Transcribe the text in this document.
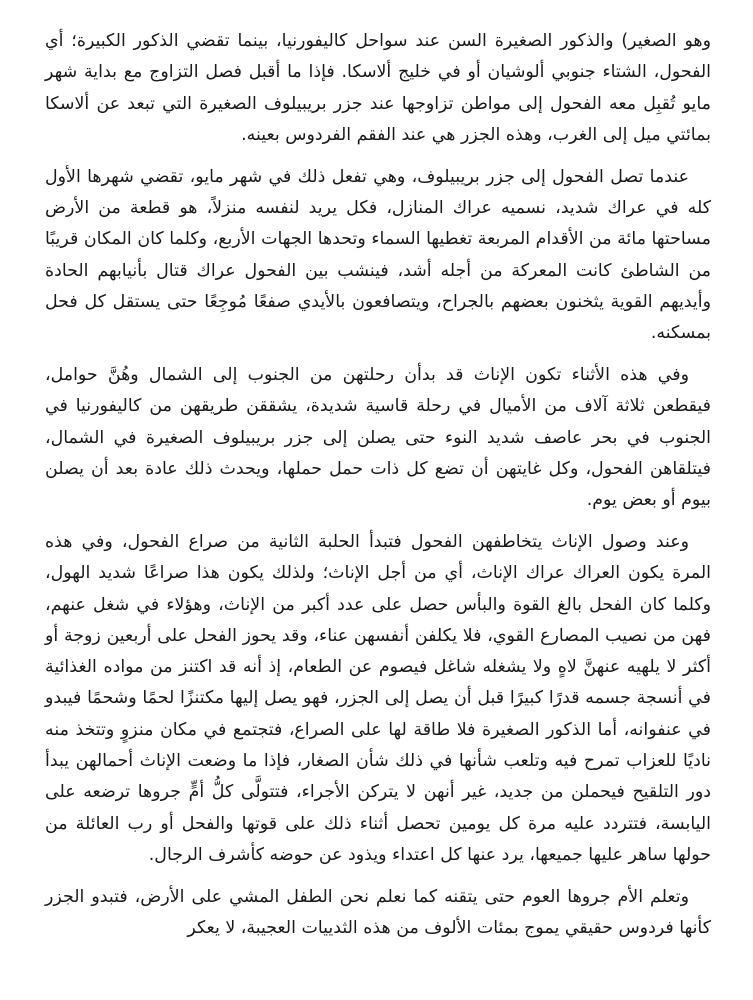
وهو الصغير) والذكور الصغيرة السن عند سواحل كاليفورنيا، بينما تقضي الذكور الكبيرة؛ أي الفحول، الشتاء جنوبي ألوشيان أو في خليج ألاسكا. فإذا ما أقبل فصل التزاوج مع بداية شهر مايو تُقبِل معه الفحول إلى مواطن تزاوجها عند جزر بريبيلوف الصغيرة التي تبعد عن ألاسكا بمائتي ميل إلى الغرب، وهذه الجزر هي عند الفقم الفردوس بعينه.

عندما تصل الفحول إلى جزر بريبيلوف، وهي تفعل ذلك في شهر مايو، تقضي شهرها الأول كله في عراك شديد، نسميه عراك المنازل، فكل يريد لنفسه منزلاً، هو قطعة من الأرض مساحتها مائة من الأقدام المربعة تغطيها السماء وتحدها الجهات الأربع، وكلما كان المكان قريبًا من الشاطئ كانت المعركة من أجله أشد، فينشب بين الفحول عراك قتال بأنيابهم الحادة وأيديهم القوية يثخنون بعضهم بالجراح، ويتصافعون بالأيدي صفعًا مُوجِعًا حتى يستقل كل فحل بمسكنه.

وفي هذه الأثناء تكون الإناث قد بدأن رحلتهن من الجنوب إلى الشمال وهُنَّ حوامل، فيقطعن ثلاثة آلاف من الأميال في رحلة قاسية شديدة، يشققن طريقهن من كاليفورنيا في الجنوب في بحر عاصف شديد النوء حتى يصلن إلى جزر بريبيلوف الصغيرة في الشمال، فيتلقاهن الفحول، وكل غايتهن أن تضع كل ذات حمل حملها، ويحدث ذلك عادة بعد أن يصلن بيوم أو بعض يوم.

وعند وصول الإناث يتخاطفهن الفحول فتبدأ الحلبة الثانية من صراع الفحول، وفي هذه المرة يكون العراك عراك الإناث، أي من أجل الإناث؛ ولذلك يكون هذا صراعًا شديد الهول، وكلما كان الفحل بالغ القوة والبأس حصل على عدد أكبر من الإناث، وهؤلاء في شغل عنهم، فهن من نصيب المصارع القوي، فلا يكلفن أنفسهن عناء، وقد يحوز الفحل على أربعين زوجة أو أكثر لا يلهيه عنهنَّ لاهٍ ولا يشغله شاغل فيصوم عن الطعام، إذ أنه قد اكتنز من مواده الغذائية في أنسجة جسمه قدرًا كبيرًا قبل أن يصل إلى الجزر، فهو يصل إليها مكتنزًا لحمًا وشحمًا فيبدو في عنفوانه، أما الذكور الصغيرة فلا طاقة لها على الصراع، فتجتمع في مكان منزوٍ وتتخذ منه ناديًا للعزاب تمرح فيه وتلعب شأنها في ذلك شأن الصغار، فإذا ما وضعت الإناث أحمالهن يبدأ دور التلقيح فيحملن من جديد، غير أنهن لا يتركن الأجراء، فتتولَّى كلُّ أمٍّ جروها ترضعه على اليابسة، فتتردد عليه مرة كل يومين تحصل أثناء ذلك على قوتها والفحل أو رب العائلة من حولها ساهر عليها جميعها، يرد عنها كل اعتداء ويذود عن حوضه كأشرف الرجال.

وتعلم الأم جروها العوم حتى يتقنه كما نعلم نحن الطفل المشي على الأرض، فتبدو الجزر كأنها فردوس حقيقي يموج بمئات الألوف من هذه الثدييات العجيبة، لا يعكر
